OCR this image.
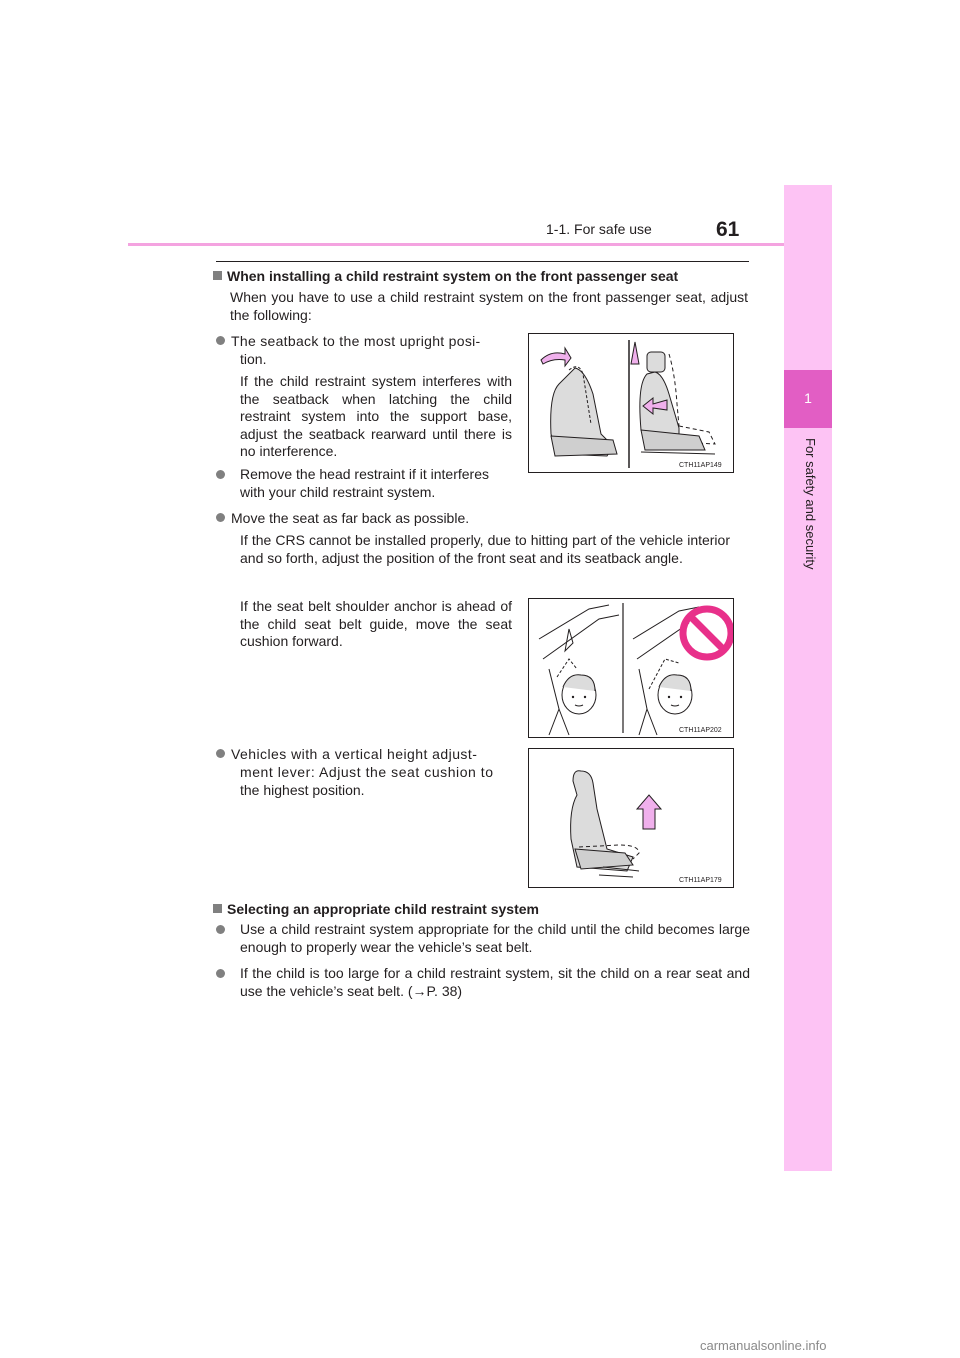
1-1. For safe use	61
1
For safety and security
When installing a child restraint system on the front passenger seat
When you have to use a child restraint system on the front passenger seat, adjust the following:
The seatback to the most upright posi-
tion.
If the child restraint system interferes with the seatback when latching the child restraint system into the support base, adjust the seatback rearward until there is no interference.
Remove the head restraint if it interferes with your child restraint system.
CTH11AP149
Move the seat as far back as possible.
If the CRS cannot be installed properly, due to hitting part of the vehicle interior and so forth, adjust the position of the front seat and its seatback angle.
If the seat belt shoulder anchor is ahead of the child seat belt guide, move the seat cushion forward.
CTH11AP202
Vehicles with a vertical height adjust-
ment lever: Adjust the seat cushion to
the highest position.
CTH11AP179
Selecting an appropriate child restraint system
Use a child restraint system appropriate for the child until the child becomes large enough to properly wear the vehicle’s seat belt.
If the child is too large for a child restraint system, sit the child on a rear seat and use the vehicle’s seat belt. (→P. 38)
carmanualsonline.info
